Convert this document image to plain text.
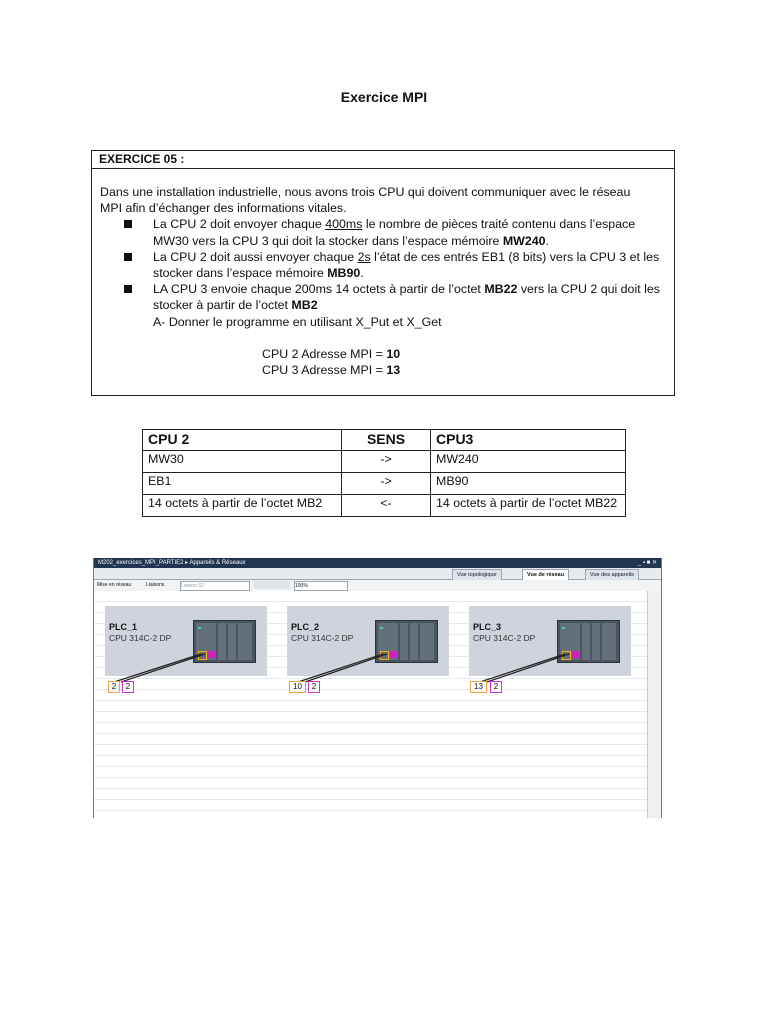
Exercice MPI
EXERCICE 05 :

Dans une installation industrielle, nous avons trois CPU qui doivent communiquer avec le réseau

MPI afin d’échanger des informations vitales.

La CPU 2 doit envoyer chaque 400ms le nombre de pièces traité contenu dans l’espace
MW30 vers la CPU 3 qui doit la stocker dans l’espace mémoire MW240.
La CPU 2 doit aussi envoyer chaque 2s l’état de ces entrés EB1 (8 bits) vers la CPU 3 et les
stocker dans l’espace mémoire MB90.
LA CPU 3 envoie chaque 200ms 14 octets à partir de l’octet MB22 vers la CPU 2 qui doit les
stocker à partir de l’octet MB2

A- Donner le programme en utilisant X_Put et X_Get

CPU 2 Adresse MPI = 10

CPU 3 Adresse MPI = 13

CPU 2	SENS	CPU3
MW30	->	MW240
EB1	->	MB90
14 octets à partir de l’octet MB2	<-	14 octets à partir de l’octet MB22
M202_exercices_MPI_PARTIE2 ▸ Appareils & Réseaux	_ ▪ ■ ✕
Vue topologique	Vue de réseau	Vue des appareils
Mise en réseau	Liaisons	Liaison S7	100%
PLC_1
CPU 314C-2 DP
PLC_2
CPU 314C-2 DP
PLC_3
CPU 314C-2 DP
2	2	10	2	13	2
